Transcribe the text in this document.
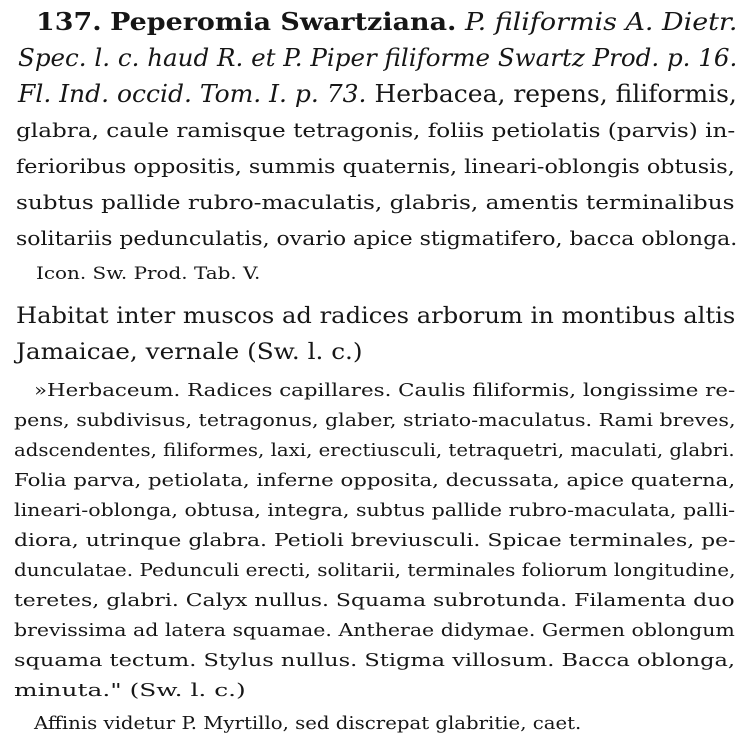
137. Peperomia Swartziana. P. filiformis A. Dietr.
Spec. l. c. haud R. et P. Piper filiforme Swartz Prod. p. 16.
Fl. Ind. occid. Tom. I. p. 73. Herbacea, repens, filiformis,
glabra, caule ramisque tetragonis, foliis petiolatis (parvis) in-
ferioribus oppositis, summis quaternis, lineari-oblongis obtusis,
subtus pallide rubro-maculatis, glabris, amentis terminalibus
solitariis pedunculatis, ovario apice stigmatifero, bacca oblonga.
Icon. Sw. Prod. Tab. V.
Habitat inter muscos ad radices arborum in montibus altis
Jamaicae, vernale (Sw. l. c.)
»Herbaceum. Radices capillares. Caulis filiformis, longissime re-
pens, subdivisus, tetragonus, glaber, striato-maculatus. Rami breves,
adscendentes, filiformes, laxi, erectiusculi, tetraquetri, maculati, glabri.
Folia parva, petiolata, inferne opposita, decussata, apice quaterna,
lineari-oblonga, obtusa, integra, subtus pallide rubro-maculata, palli-
diora, utrinque glabra. Petioli breviusculi. Spicae terminales, pe-
dunculatae. Pedunculi erecti, solitarii, terminales foliorum longitudine,
teretes, glabri. Calyx nullus. Squama subrotunda. Filamenta duo
brevissima ad latera squamae. Antherae didymae. Germen oblongum
squama tectum. Stylus nullus. Stigma villosum. Bacca oblonga,
minuta." (Sw. l. c.)
Affinis videtur P. Myrtillo, sed discrepat glabritie, caet.
